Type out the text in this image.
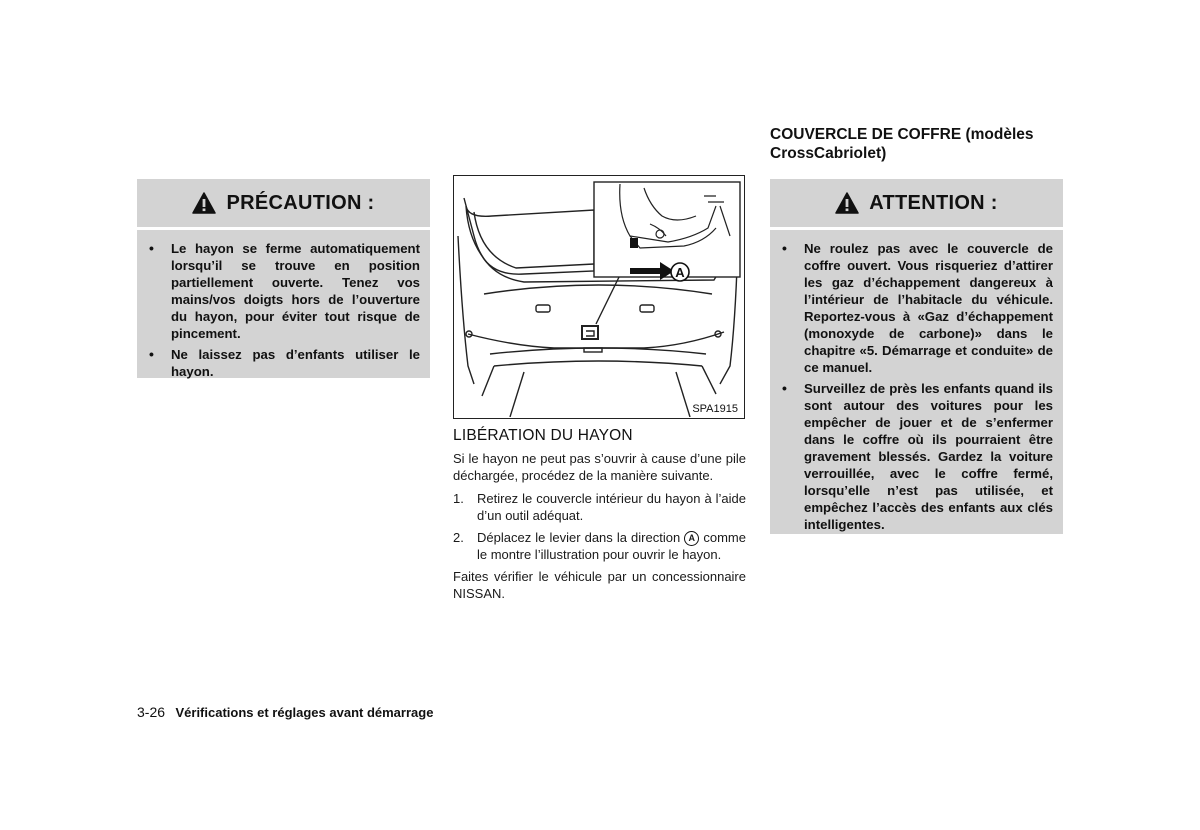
PRÉCAUTION :
• Le hayon se ferme automatiquement lorsqu’il se trouve en position partiellement ouverte. Tenez vos mains/vos doigts hors de l’ouverture du hayon, pour éviter tout risque de pincement.
• Ne laissez pas d’enfants utiliser le hayon.
A
SPA1915
LIBÉRATION DU HAYON

Si le hayon ne peut pas s’ouvrir à cause d’une pile déchargée, procédez de la manière suivante.

1. Retirez le couvercle intérieur du hayon à l’aide d’un outil adéquat.
2. Déplacez le levier dans la direction A comme le montre l’illustration pour ouvrir le hayon.

Faites vérifier le véhicule par un concessionnaire NISSAN.

COUVERCLE DE COFFRE (modèles CrossCabriolet)
ATTENTION :
• Ne roulez pas avec le couvercle de coffre ouvert. Vous risqueriez d’attirer les gaz d’échappement dangereux à l’intérieur de l’habitacle du véhicule. Reportez-vous à «Gaz d’échappement (monoxyde de carbone)» dans le chapitre «5. Démarrage et conduite» de ce manuel.
• Surveillez de près les enfants quand ils sont autour des voitures pour les empêcher de jouer et de s’enfermer dans le coffre où ils pourraient être gravement blessés. Gardez la voiture verrouillée, avec le coffre fermé, lorsqu’elle n’est pas utilisée, et empêchez l’accès des enfants aux clés intelligentes.
3-26 Vérifications et réglages avant démarrage
